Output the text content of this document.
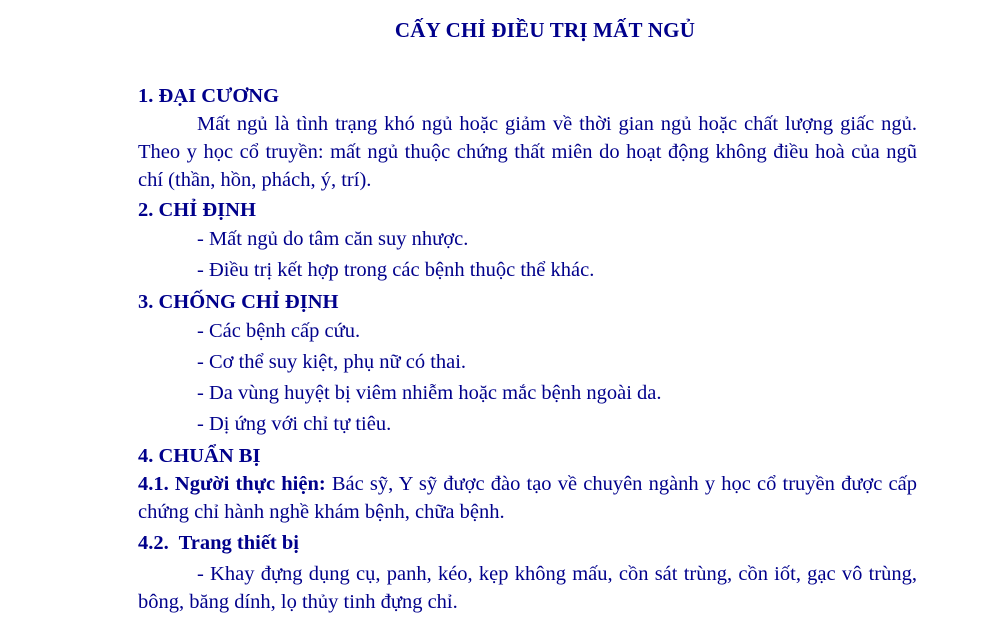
CẤY CHỈ ĐIỀU TRỊ MẤT NGỦ

1. ĐẠI CƯƠNG

Mất ngủ là tình trạng khó ngủ hoặc giảm về thời gian ngủ hoặc chất lượng giấc ngủ. Theo y học cổ truyền: mất ngủ thuộc chứng thất miên do hoạt động không điều hoà của ngũ chí (thần, hồn, phách, ý, trí).

2. CHỈ ĐỊNH

- Mất ngủ do tâm căn suy nhược.

- Điều trị kết hợp trong các bệnh thuộc thể khác.

3. CHỐNG CHỈ ĐỊNH

- Các bệnh cấp cứu.

- Cơ thể suy kiệt, phụ nữ có thai.

- Da vùng huyệt bị viêm nhiễm hoặc mắc bệnh ngoài da.

- Dị ứng với chỉ tự tiêu.

4. CHUẨN BỊ

4.1. Người thực hiện: Bác sỹ, Y sỹ được đào tạo về chuyên ngành y học cổ truyền được cấp chứng chỉ hành nghề khám bệnh, chữa bệnh.

4.2.  Trang thiết bị

- Khay đựng dụng cụ, panh, kéo, kẹp không mấu, cồn sát trùng, cồn iốt, gạc vô trùng, bông, băng dính, lọ thủy tinh đựng chỉ.
